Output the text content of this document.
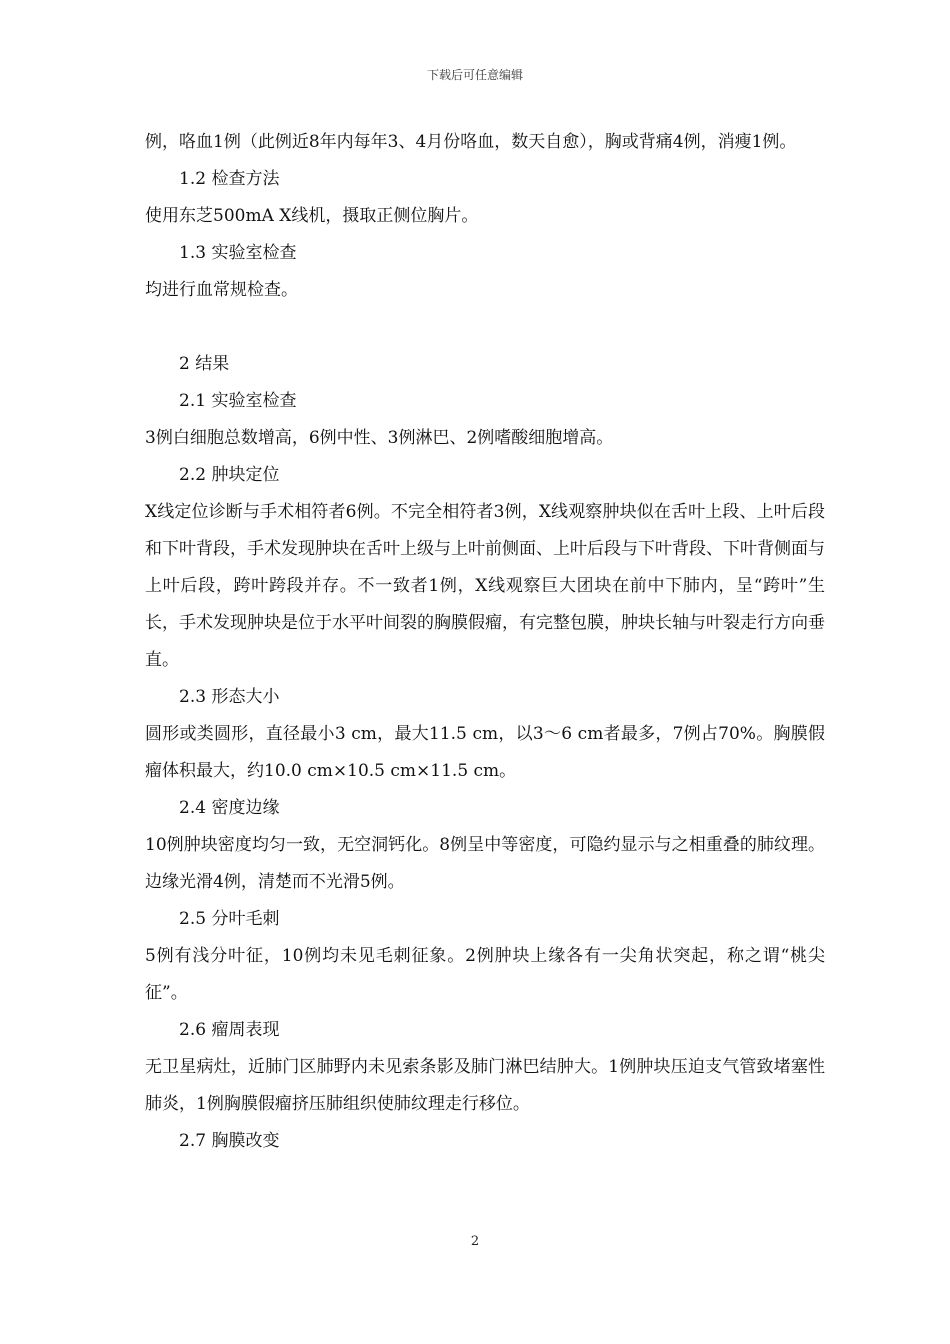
下载后可任意编辑

例，咯血1例（此例近8年内每年3、4月份咯血，数天自愈），胸或背痛4例，消瘦1例。

1.2 检查方法

使用东芝500mA X线机，摄取正侧位胸片。

1.3 实验室检查

均进行血常规检查。

2 结果

2.1 实验室检查

3例白细胞总数增高，6例中性、3例淋巴、2例嗜酸细胞增高。

2.2 肿块定位

X线定位诊断与手术相符者6例。不完全相符者3例，X线观察肿块似在舌叶上段、上叶后段和下叶背段，手术发现肿块在舌叶上级与上叶前侧面、上叶后段与下叶背段、下叶背侧面与上叶后段，跨叶跨段并存。不一致者1例，X线观察巨大团块在前中下肺内，呈“跨叶”生长，手术发现肿块是位于水平叶间裂的胸膜假瘤，有完整包膜，肿块长轴与叶裂走行方向垂直。

2.3 形态大小

圆形或类圆形，直径最小3 cm，最大11.5 cm，以3～6 cm者最多，7例占70%。胸膜假瘤体积最大，约10.0 cm×10.5 cm×11.5 cm。

2.4 密度边缘

10例肿块密度均匀一致，无空洞钙化。8例呈中等密度，可隐约显示与之相重叠的肺纹理。边缘光滑4例，清楚而不光滑5例。

2.5 分叶毛刺

5例有浅分叶征，10例均未见毛刺征象。2例肿块上缘各有一尖角状突起，称之谓“桃尖征”。

2.6 瘤周表现

无卫星病灶，近肺门区肺野内未见索条影及肺门淋巴结肿大。1例肿块压迫支气管致堵塞性肺炎，1例胸膜假瘤挤压肺组织使肺纹理走行移位。

2.7 胸膜改变

2
